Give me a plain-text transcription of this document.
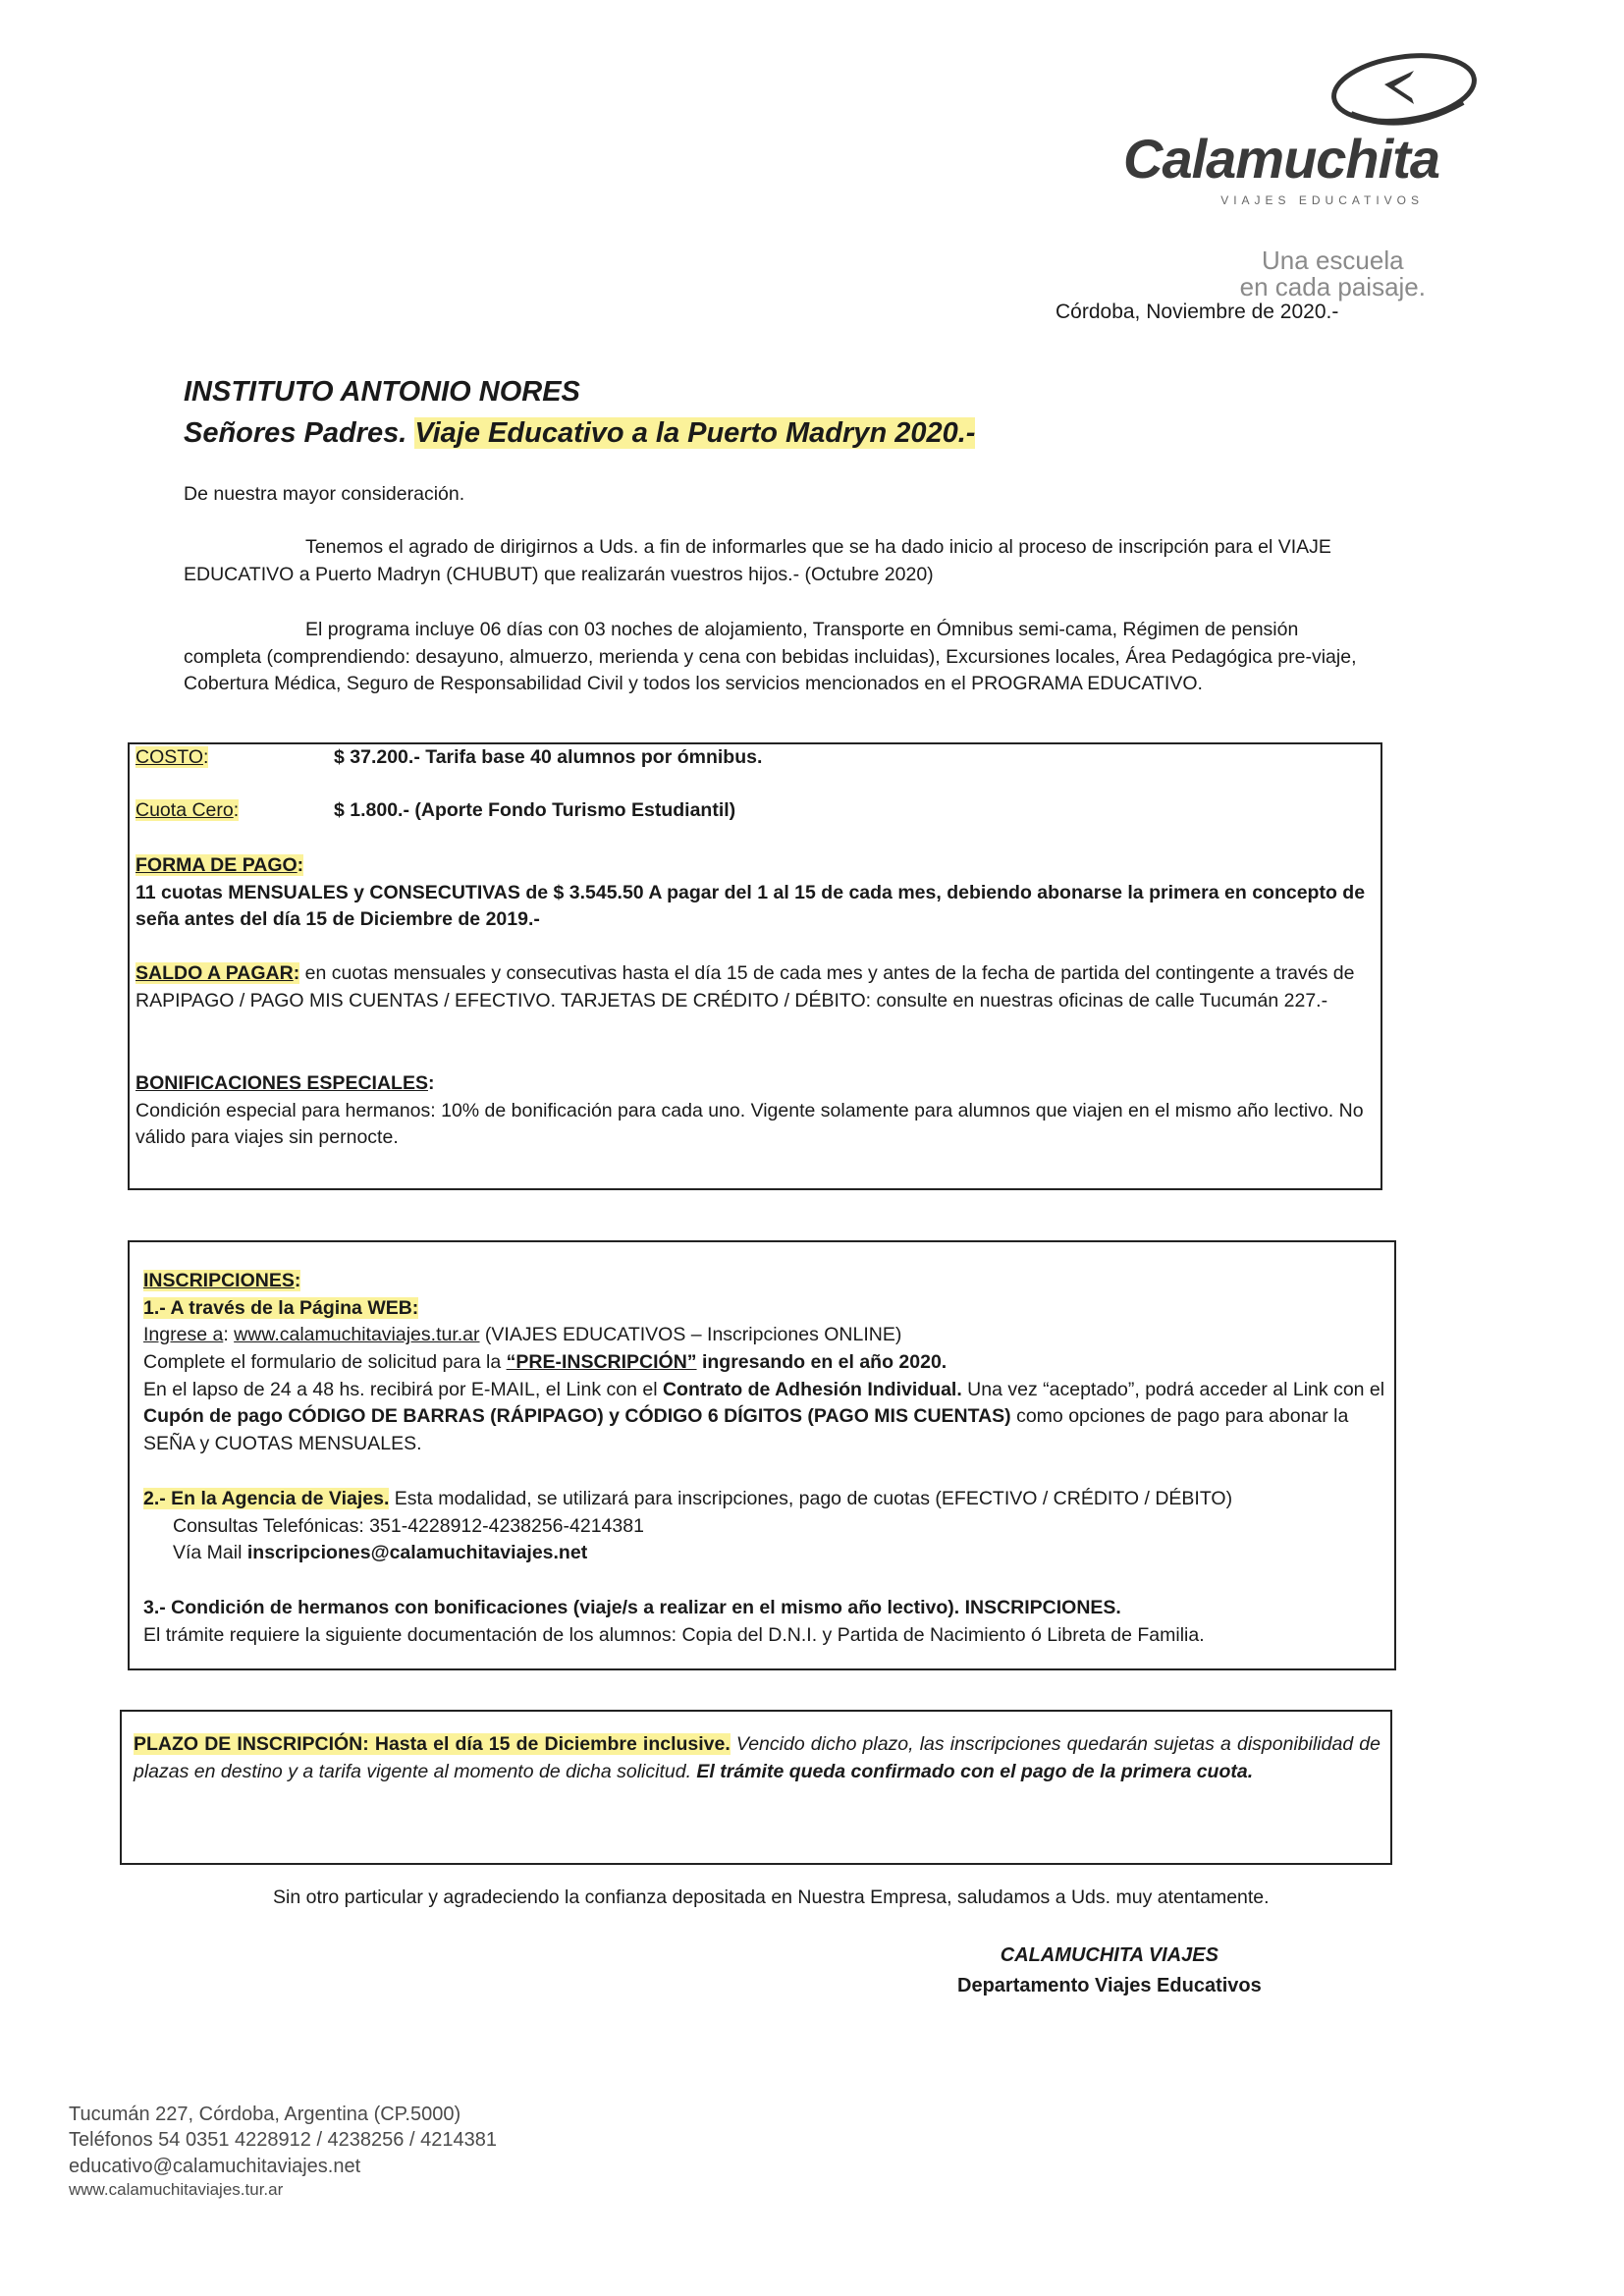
Calamuchita
VIAJES EDUCATIVOS
Una escuela
en cada paisaje.
Córdoba, Noviembre de 2020.-
INSTITUTO ANTONIO NORES
Señores Padres. Viaje Educativo a la Puerto Madryn 2020.-
De nuestra mayor consideración.

Tenemos el agrado de dirigirnos a Uds. a fin de informarles que se ha dado inicio al proceso de inscripción para el VIAJE EDUCATIVO a Puerto Madryn (CHUBUT) que realizarán vuestros hijos.- (Octubre 2020)

El programa incluye 06 días con 03 noches de alojamiento, Transporte en Ómnibus semi-cama, Régimen de pensión completa (comprendiendo: desayuno, almuerzo, merienda y cena con bebidas incluidas), Excursiones locales, Área Pedagógica pre-viaje, Cobertura Médica, Seguro de Responsabilidad Civil y todos los servicios mencionados en el PROGRAMA EDUCATIVO.

COSTO:	$ 37.200.- Tarifa base 40 alumnos por ómnibus.
Cuota Cero:	$ 1.800.- (Aporte Fondo Turismo Estudiantil)
FORMA DE PAGO:
11 cuotas MENSUALES y CONSECUTIVAS de $ 3.545.50 A pagar del 1 al 15 de cada mes, debiendo abonarse la primera en concepto de seña antes del día 15 de Diciembre de 2019.-
SALDO A PAGAR: en cuotas mensuales y consecutivas hasta el día 15 de cada mes y antes de la fecha de partida del contingente a través de RAPIPAGO / PAGO MIS CUENTAS / EFECTIVO. TARJETAS DE CRÉDITO / DÉBITO: consulte en nuestras oficinas de calle Tucumán 227.-
BONIFICACIONES ESPECIALES:
Condición especial para hermanos: 10% de bonificación para cada uno. Vigente solamente para alumnos que viajen en el mismo año lectivo. No válido para viajes sin pernocte.
INSCRIPCIONES:
1.- A través de la Página WEB:
Ingrese a: www.calamuchitaviajes.tur.ar (VIAJES EDUCATIVOS – Inscripciones ONLINE)
Complete el formulario de solicitud para la “PRE-INSCRIPCIÓN” ingresando en el año 2020.
En el lapso de 24 a 48 hs. recibirá por E-MAIL, el Link con el Contrato de Adhesión Individual. Una vez “aceptado”, podrá acceder al Link con el Cupón de pago CÓDIGO DE BARRAS (RÁPIPAGO) y CÓDIGO 6 DÍGITOS (PAGO MIS CUENTAS) como opciones de pago para abonar la SEÑA y CUOTAS MENSUALES.
2.- En la Agencia de Viajes. Esta modalidad, se utilizará para inscripciones, pago de cuotas (EFECTIVO / CRÉDITO / DÉBITO)
Consultas Telefónicas: 351-4228912-4238256-4214381
Vía Mail inscripciones@calamuchitaviajes.net
3.- Condición de hermanos con bonificaciones (viaje/s a realizar en el mismo año lectivo). INSCRIPCIONES.
El trámite requiere la siguiente documentación de los alumnos: Copia del D.N.I. y Partida de Nacimiento ó Libreta de Familia.
PLAZO DE INSCRIPCIÓN: Hasta el día 15 de Diciembre inclusive. Vencido dicho plazo, las inscripciones quedarán sujetas a disponibilidad de plazas en destino y a tarifa vigente al momento de dicha solicitud. El trámite queda confirmado con el pago de la primera cuota.
Sin otro particular y agradeciendo la confianza depositada en Nuestra Empresa, saludamos a Uds. muy atentamente.
CALAMUCHITA VIAJES
Departamento Viajes Educativos
Tucumán 227, Córdoba, Argentina (CP.5000)
Teléfonos 54 0351 4228912 / 4238256 / 4214381
educativo@calamuchitaviajes.net
www.calamuchitaviajes.tur.ar
